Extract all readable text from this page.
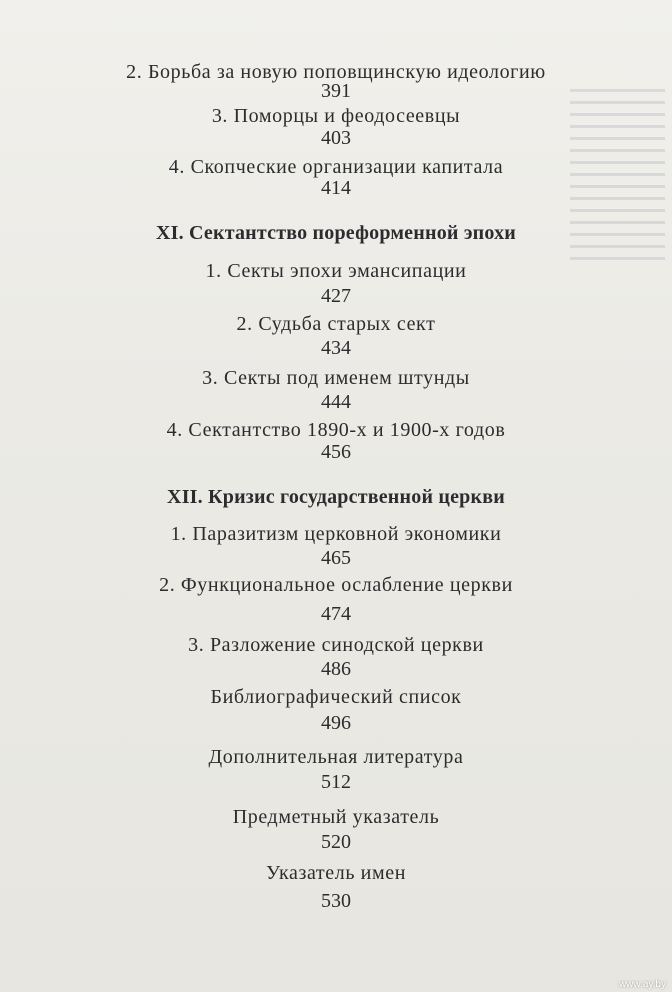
2. Борьба за новую поповщинскую идеологию
391
3. Поморцы и феодосеевцы
403
4. Скопческие организации капитала
414
XI. Сектантство пореформенной эпохи
1. Секты эпохи эмансипации
427
2. Судьба старых сект
434
3. Секты под именем штунды
444
4. Сектантство 1890-х и 1900-х годов
456
XII. Кризис государственной церкви
1. Паразитизм церковной экономики
465
2. Функциональное ослабление церкви
474
3. Разложение синодской церкви
486
Библиографический список
496
Дополнительная литература
512
Предметный указатель
520
Указатель имен
530
www.ay.by
